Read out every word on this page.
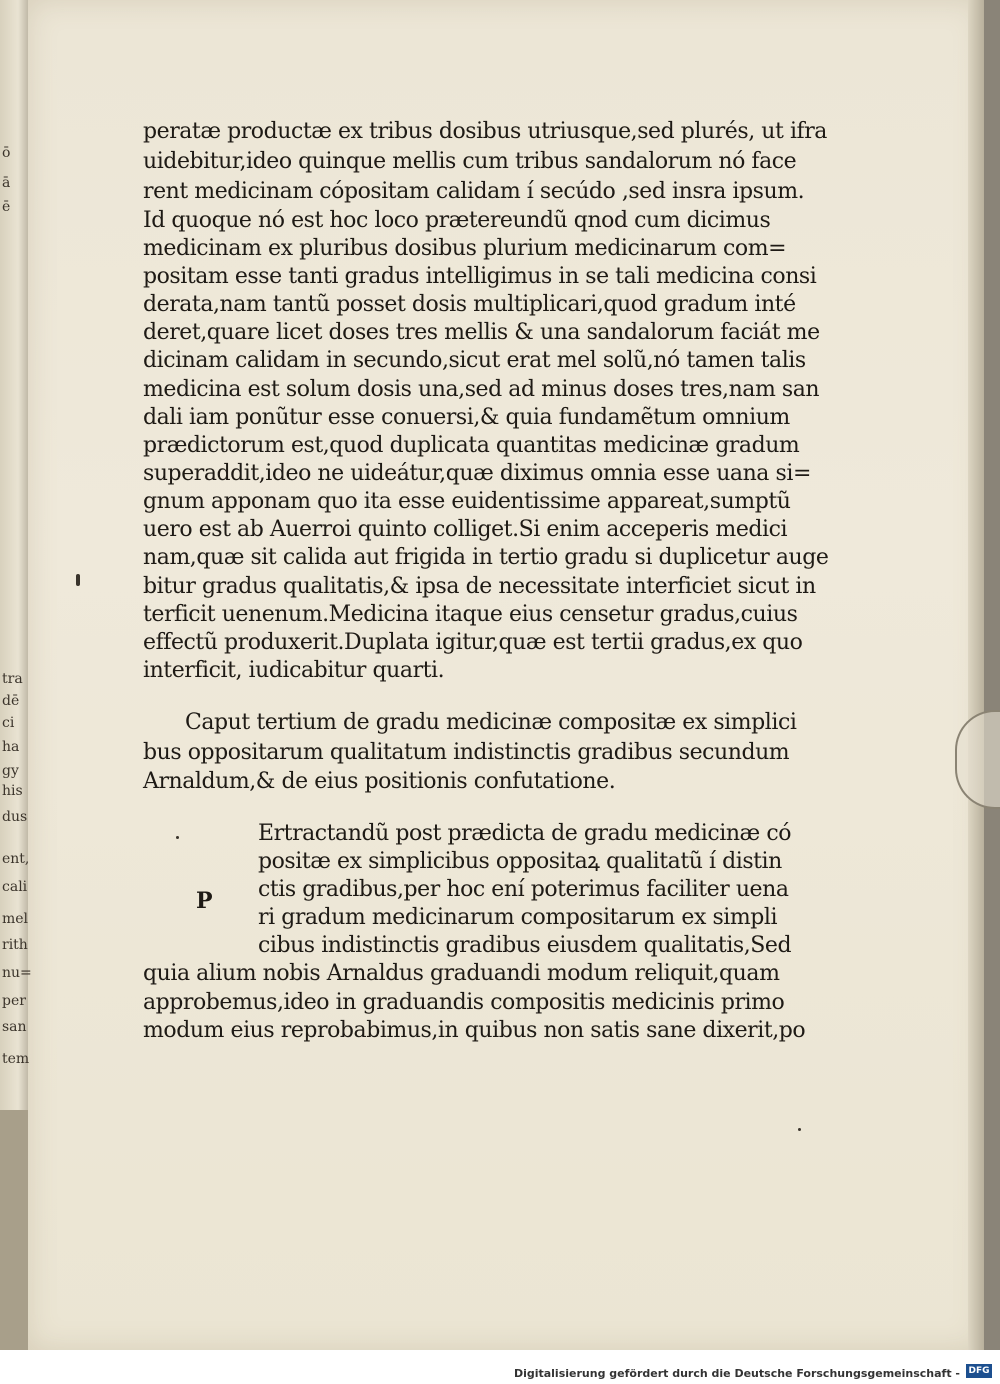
ō
ā
ē
tra
dē
ci
ha
gy
his
dus
ent,
cali
mel
rith
nu=
per
san
tem
peratæ productæ ex tribus dosibus utriusque,sed plurés, ut ifra
uidebitur,ideo quinque mellis cum tribus sandalorum nó face
rent medicinam cópositam calidam í secúdo ,sed insra ipsum.
Id quoque nó est hoc loco prætereundũ qnod cum dicimus
medicinam ex pluribus dosibus plurium medicinarum com=
positam esse tanti gradus intelligimus in se tali medicina consi
derata,nam tantũ posset dosis multiplicari,quod gradum inté
deret,quare licet doses tres mellis & una sandalorum faciát me
dicinam calidam in secundo,sicut erat mel solũ,nó tamen talis
medicina est solum dosis una,sed ad minus doses tres,nam san
dali iam ponũtur esse conuersi,& quia fundamẽtum omnium
prædictorum est,quod duplicata quantitas medicinæ gradum
superaddit,ideo ne uideátur,quæ diximus omnia esse uana si=
gnum apponam quo ita esse euidentissime appareat,sumptũ
uero est ab Auerroi quinto colliget.Si enim acceperis medici
nam,quæ sit calida aut frigida in tertio gradu si duplicetur auge
bitur gradus qualitatis,& ipsa de necessitate interficiet sicut in
terficit uenenum.Medicina itaque eius censetur gradus,cuius
effectũ produxerit.Duplata igitur,quæ est tertii gradus,ex quo
interficit, iudicabitur quarti.
Caput tertium de gradu medicinæ compositæ ex simplici
bus oppositarum qualitatum indistinctis gradibus secundum
Arnaldum,& de eius positionis confutatione.
P
Ertractandũ post prædicta de gradu medicinæ có
positæ ex simplicibus oppositaꝝ qualitatũ í distin
ctis gradibus,per hoc ení poterimus faciliter uena
ri gradum medicinarum compositarum ex simpli
cibus indistinctis gradibus eiusdem qualitatis,Sed
quia alium nobis Arnaldus graduandi modum reliquit,quam
approbemus,ideo in graduandis compositis medicinis primo
modum eius reprobabimus,in quibus non satis sane dixerit,po
Digitalisierung gefördert durch die Deutsche Forschungsgemeinschaft - DFG
